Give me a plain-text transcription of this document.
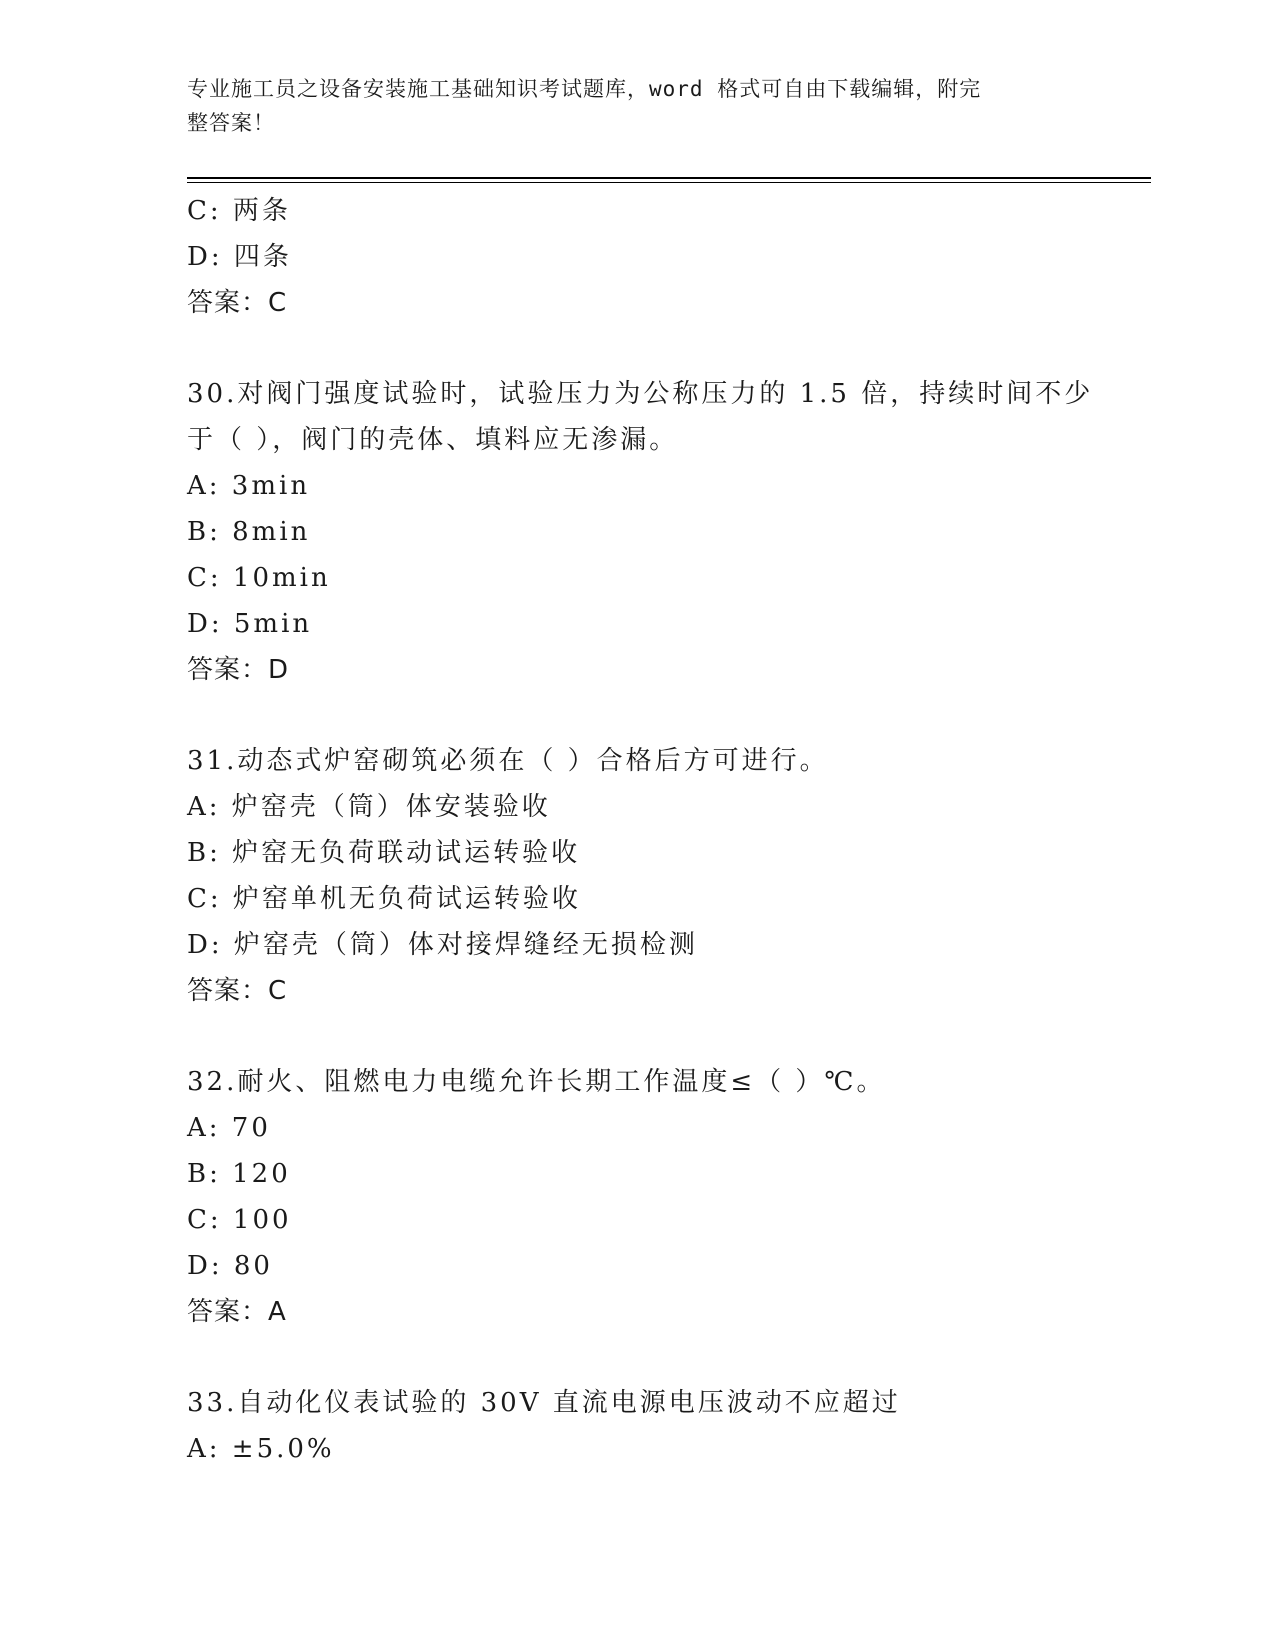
专业施工员之设备安装施工基础知识考试题库，word 格式可自由下载编辑，附完
整答案！
C: 两条
D: 四条
答案：C
30.对阀门强度试验时，试验压力为公称压力的 1.5 倍，持续时间不少
于（ ），阀门的壳体、填料应无渗漏。
A: 3min
B: 8min
C: 10min
D: 5min
答案：D
31.动态式炉窑砌筑必须在（ ）合格后方可进行。
A: 炉窑壳（筒）体安装验收
B: 炉窑无负荷联动试运转验收
C: 炉窑单机无负荷试运转验收
D: 炉窑壳（筒）体对接焊缝经无损检测
答案：C
32.耐火、阻燃电力电缆允许长期工作温度≤（ ）℃。
A: 70
B: 120
C: 100
D: 80
答案：A
33.自动化仪表试验的 30V 直流电源电压波动不应超过
A: ±5.0%
